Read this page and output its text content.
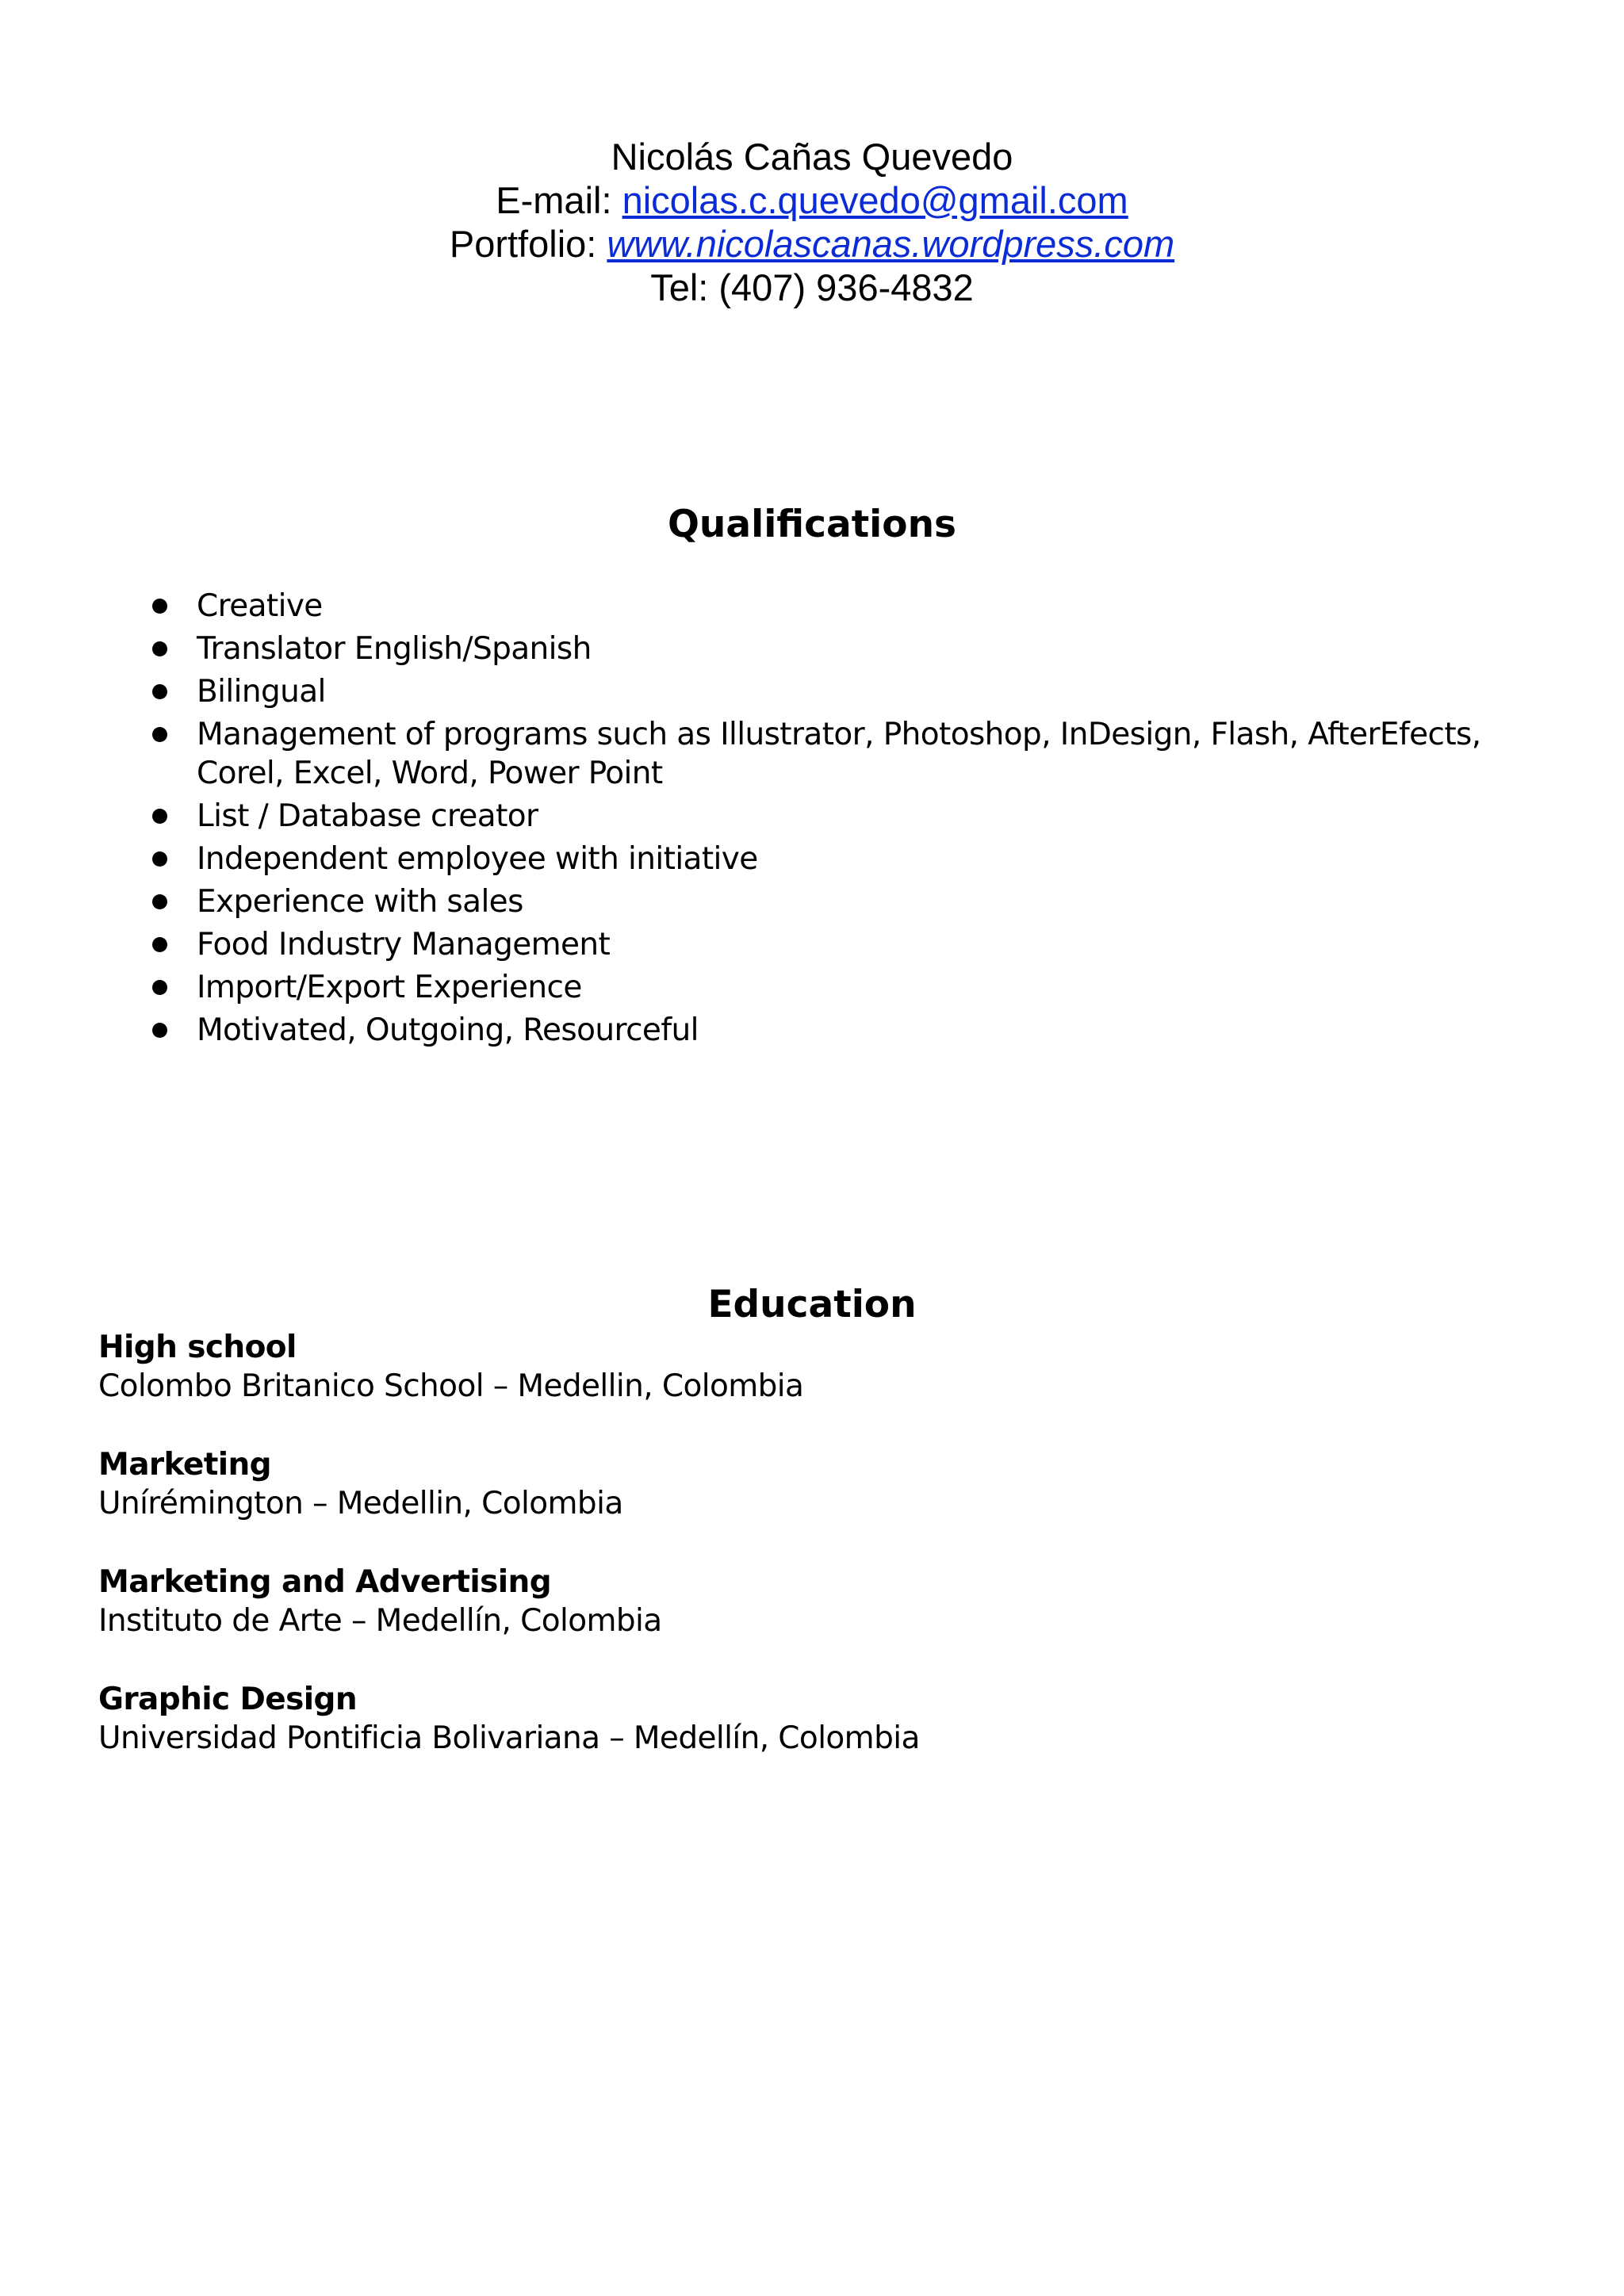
Nicolás Cañas Quevedo
E-mail: nicolas.c.quevedo@gmail.com
Portfolio: www.nicolascanas.wordpress.com
Tel: (407) 936-4832
Qualifications
Creative
Translator English/Spanish
Bilingual
Management of programs such as Illustrator, Photoshop, InDesign, Flash, AfterEfects, Corel, Excel, Word, Power Point
List / Database creator
Independent employee with initiative
Experience with sales
Food Industry Management
Import/Export Experience
Motivated, Outgoing, Resourceful
Education
High school
Colombo Britanico School – Medellin, Colombia
Marketing
Unírémington – Medellin, Colombia
Marketing and Advertising
Instituto de Arte – Medellín, Colombia
Graphic Design
Universidad Pontificia Bolivariana – Medellín, Colombia
